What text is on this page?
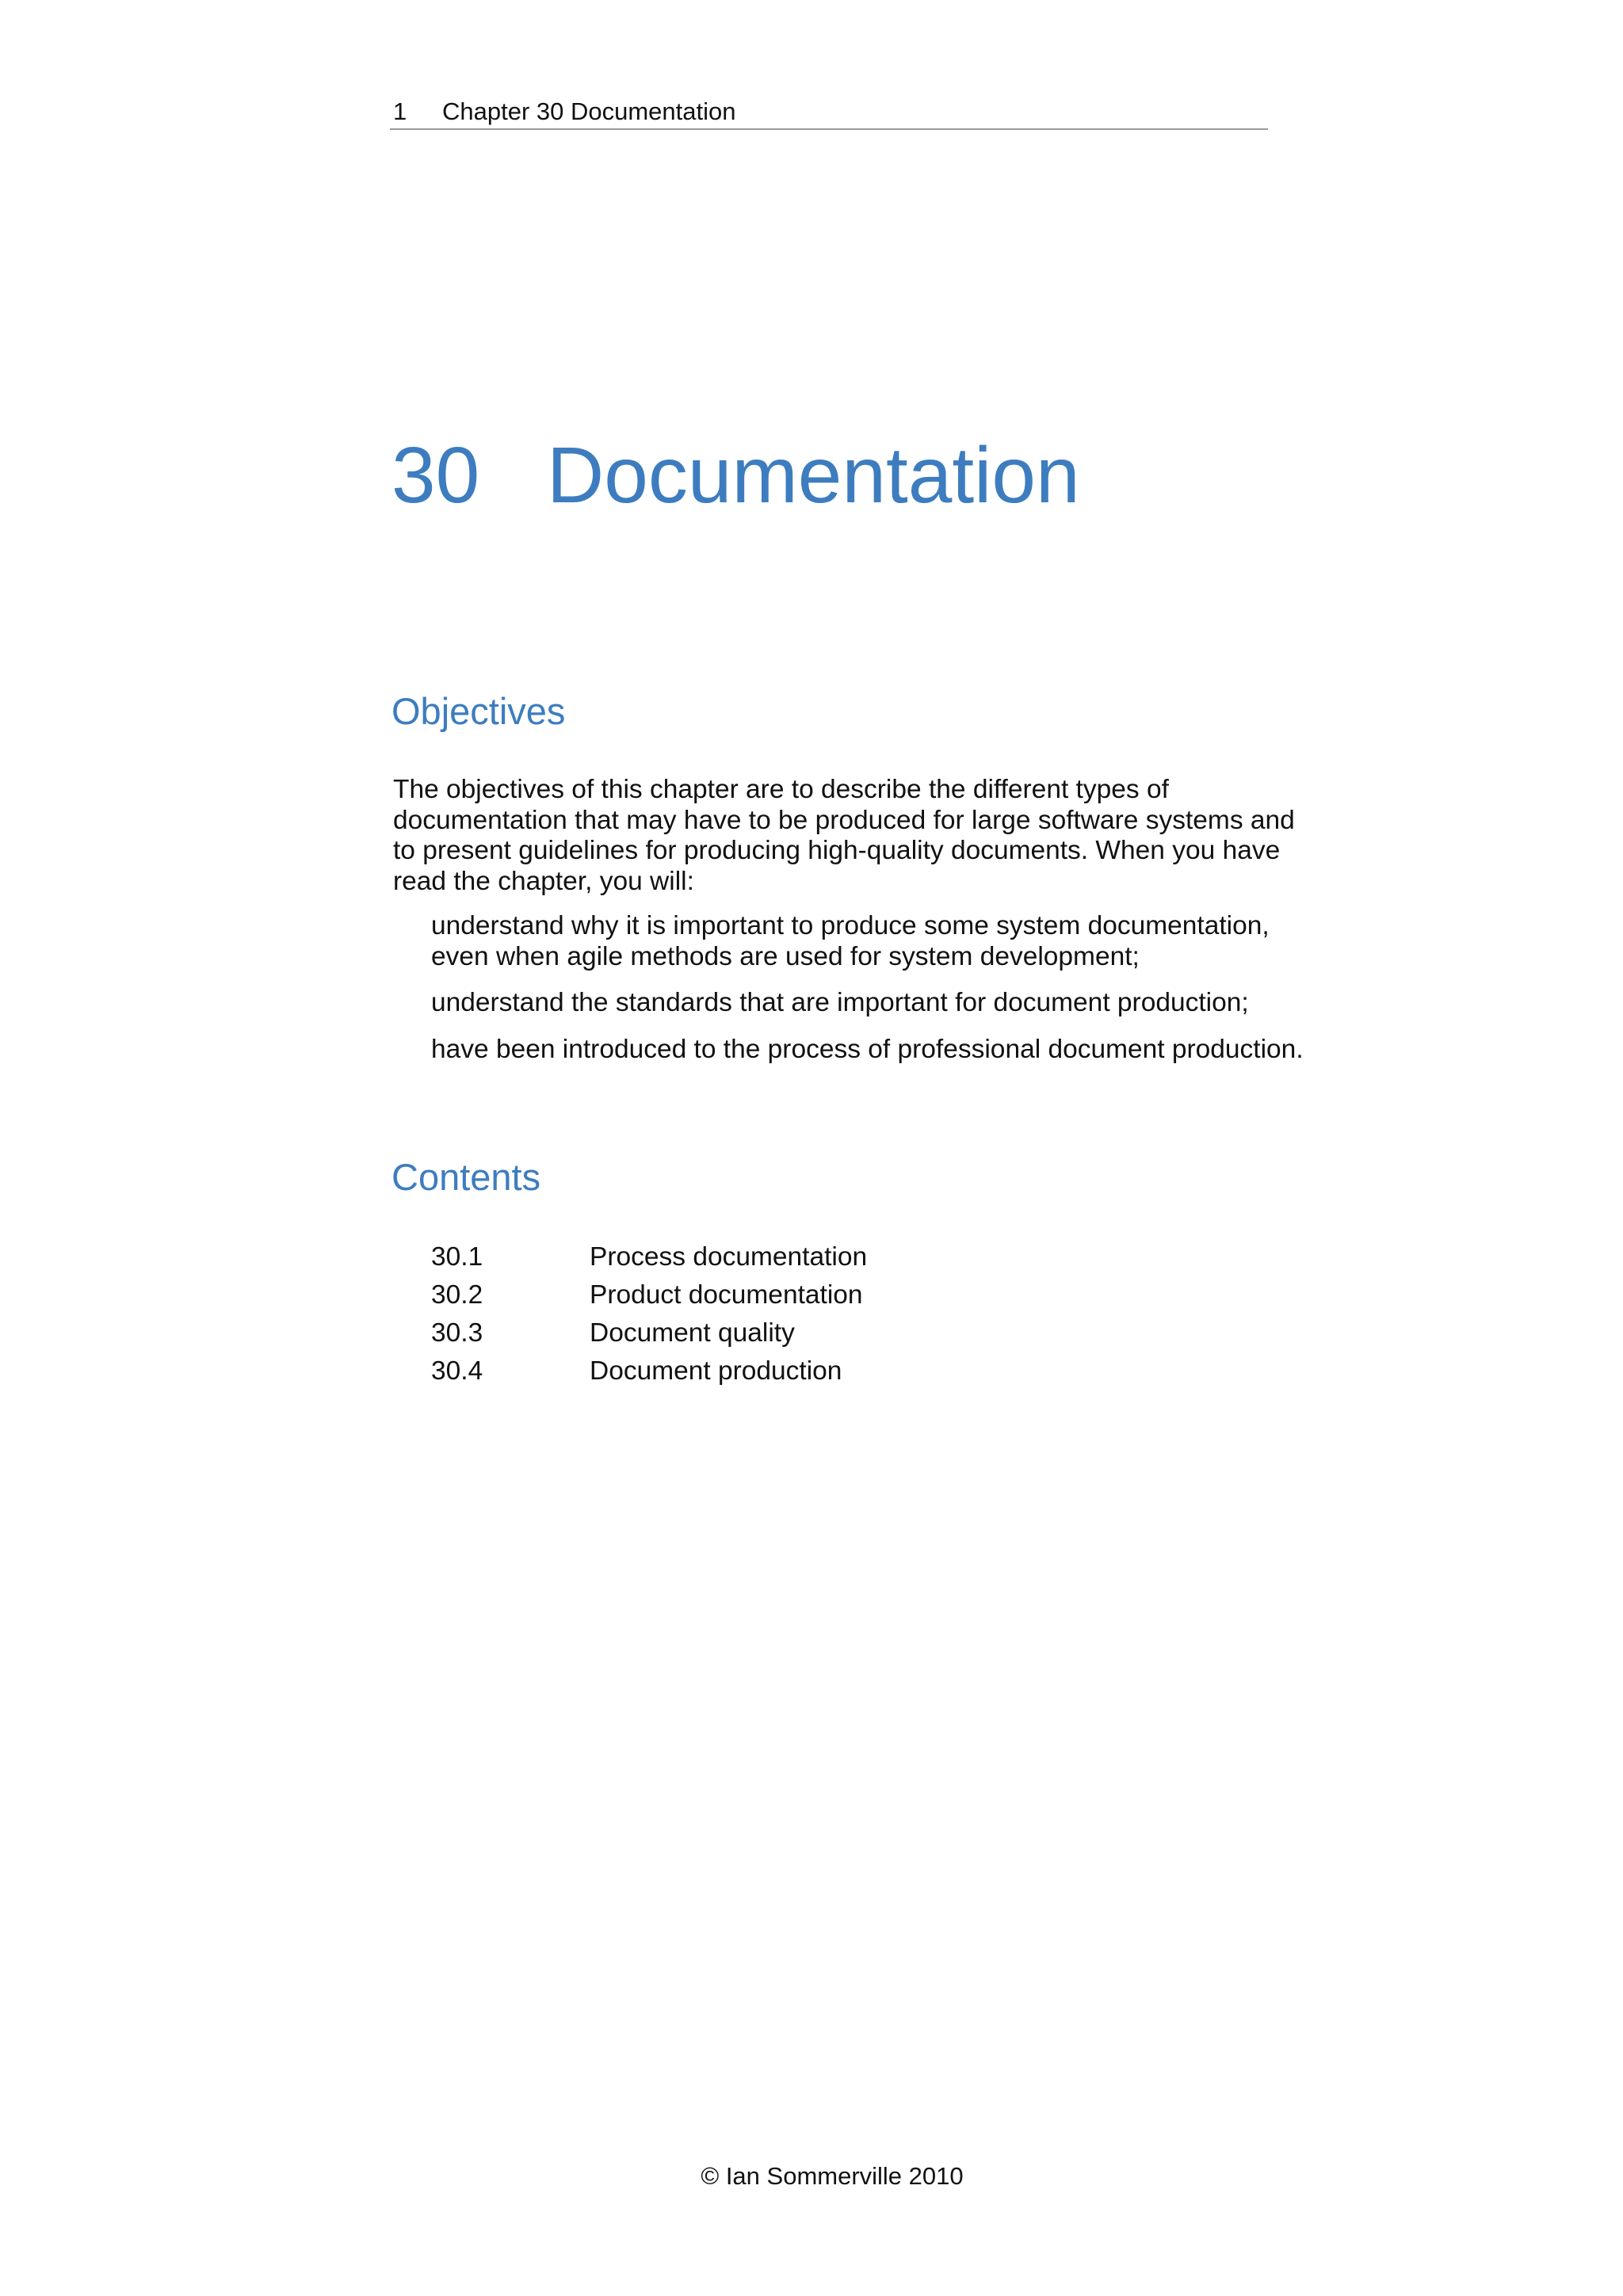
1 Chapter 30 Documentation
30 Documentation
Objectives

The objectives of this chapter are to describe the different types of documentation that may have to be produced for large software systems and to present guidelines for producing high-quality documents. When you have read the chapter, you will:

understand why it is important to produce some system documentation, even when agile methods are used for system development;
understand the standards that are important for document production;
have been introduced to the process of professional document production.
Contents
30.1	Process documentation
30.2	Product documentation
30.3	Document quality
30.4	Document production
© Ian Sommerville 2010
